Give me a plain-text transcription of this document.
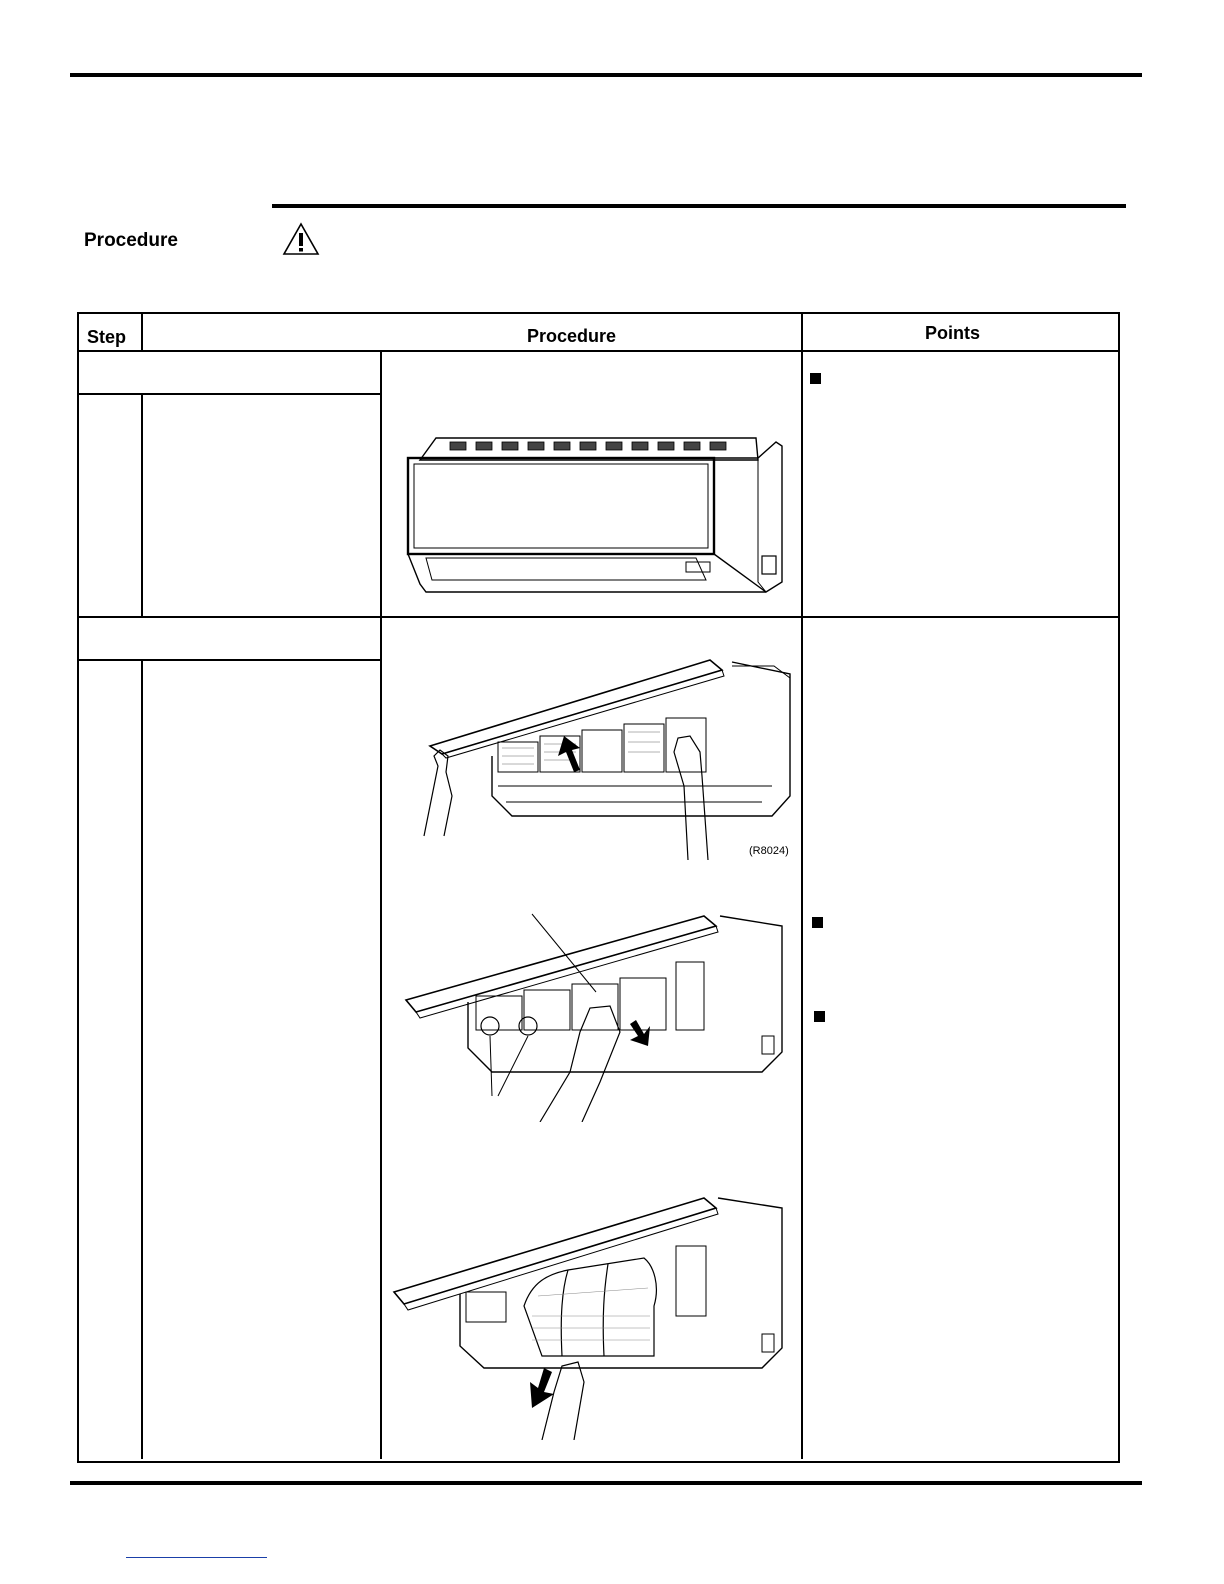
Procedure
Step	Procedure	Points
(R8024)
